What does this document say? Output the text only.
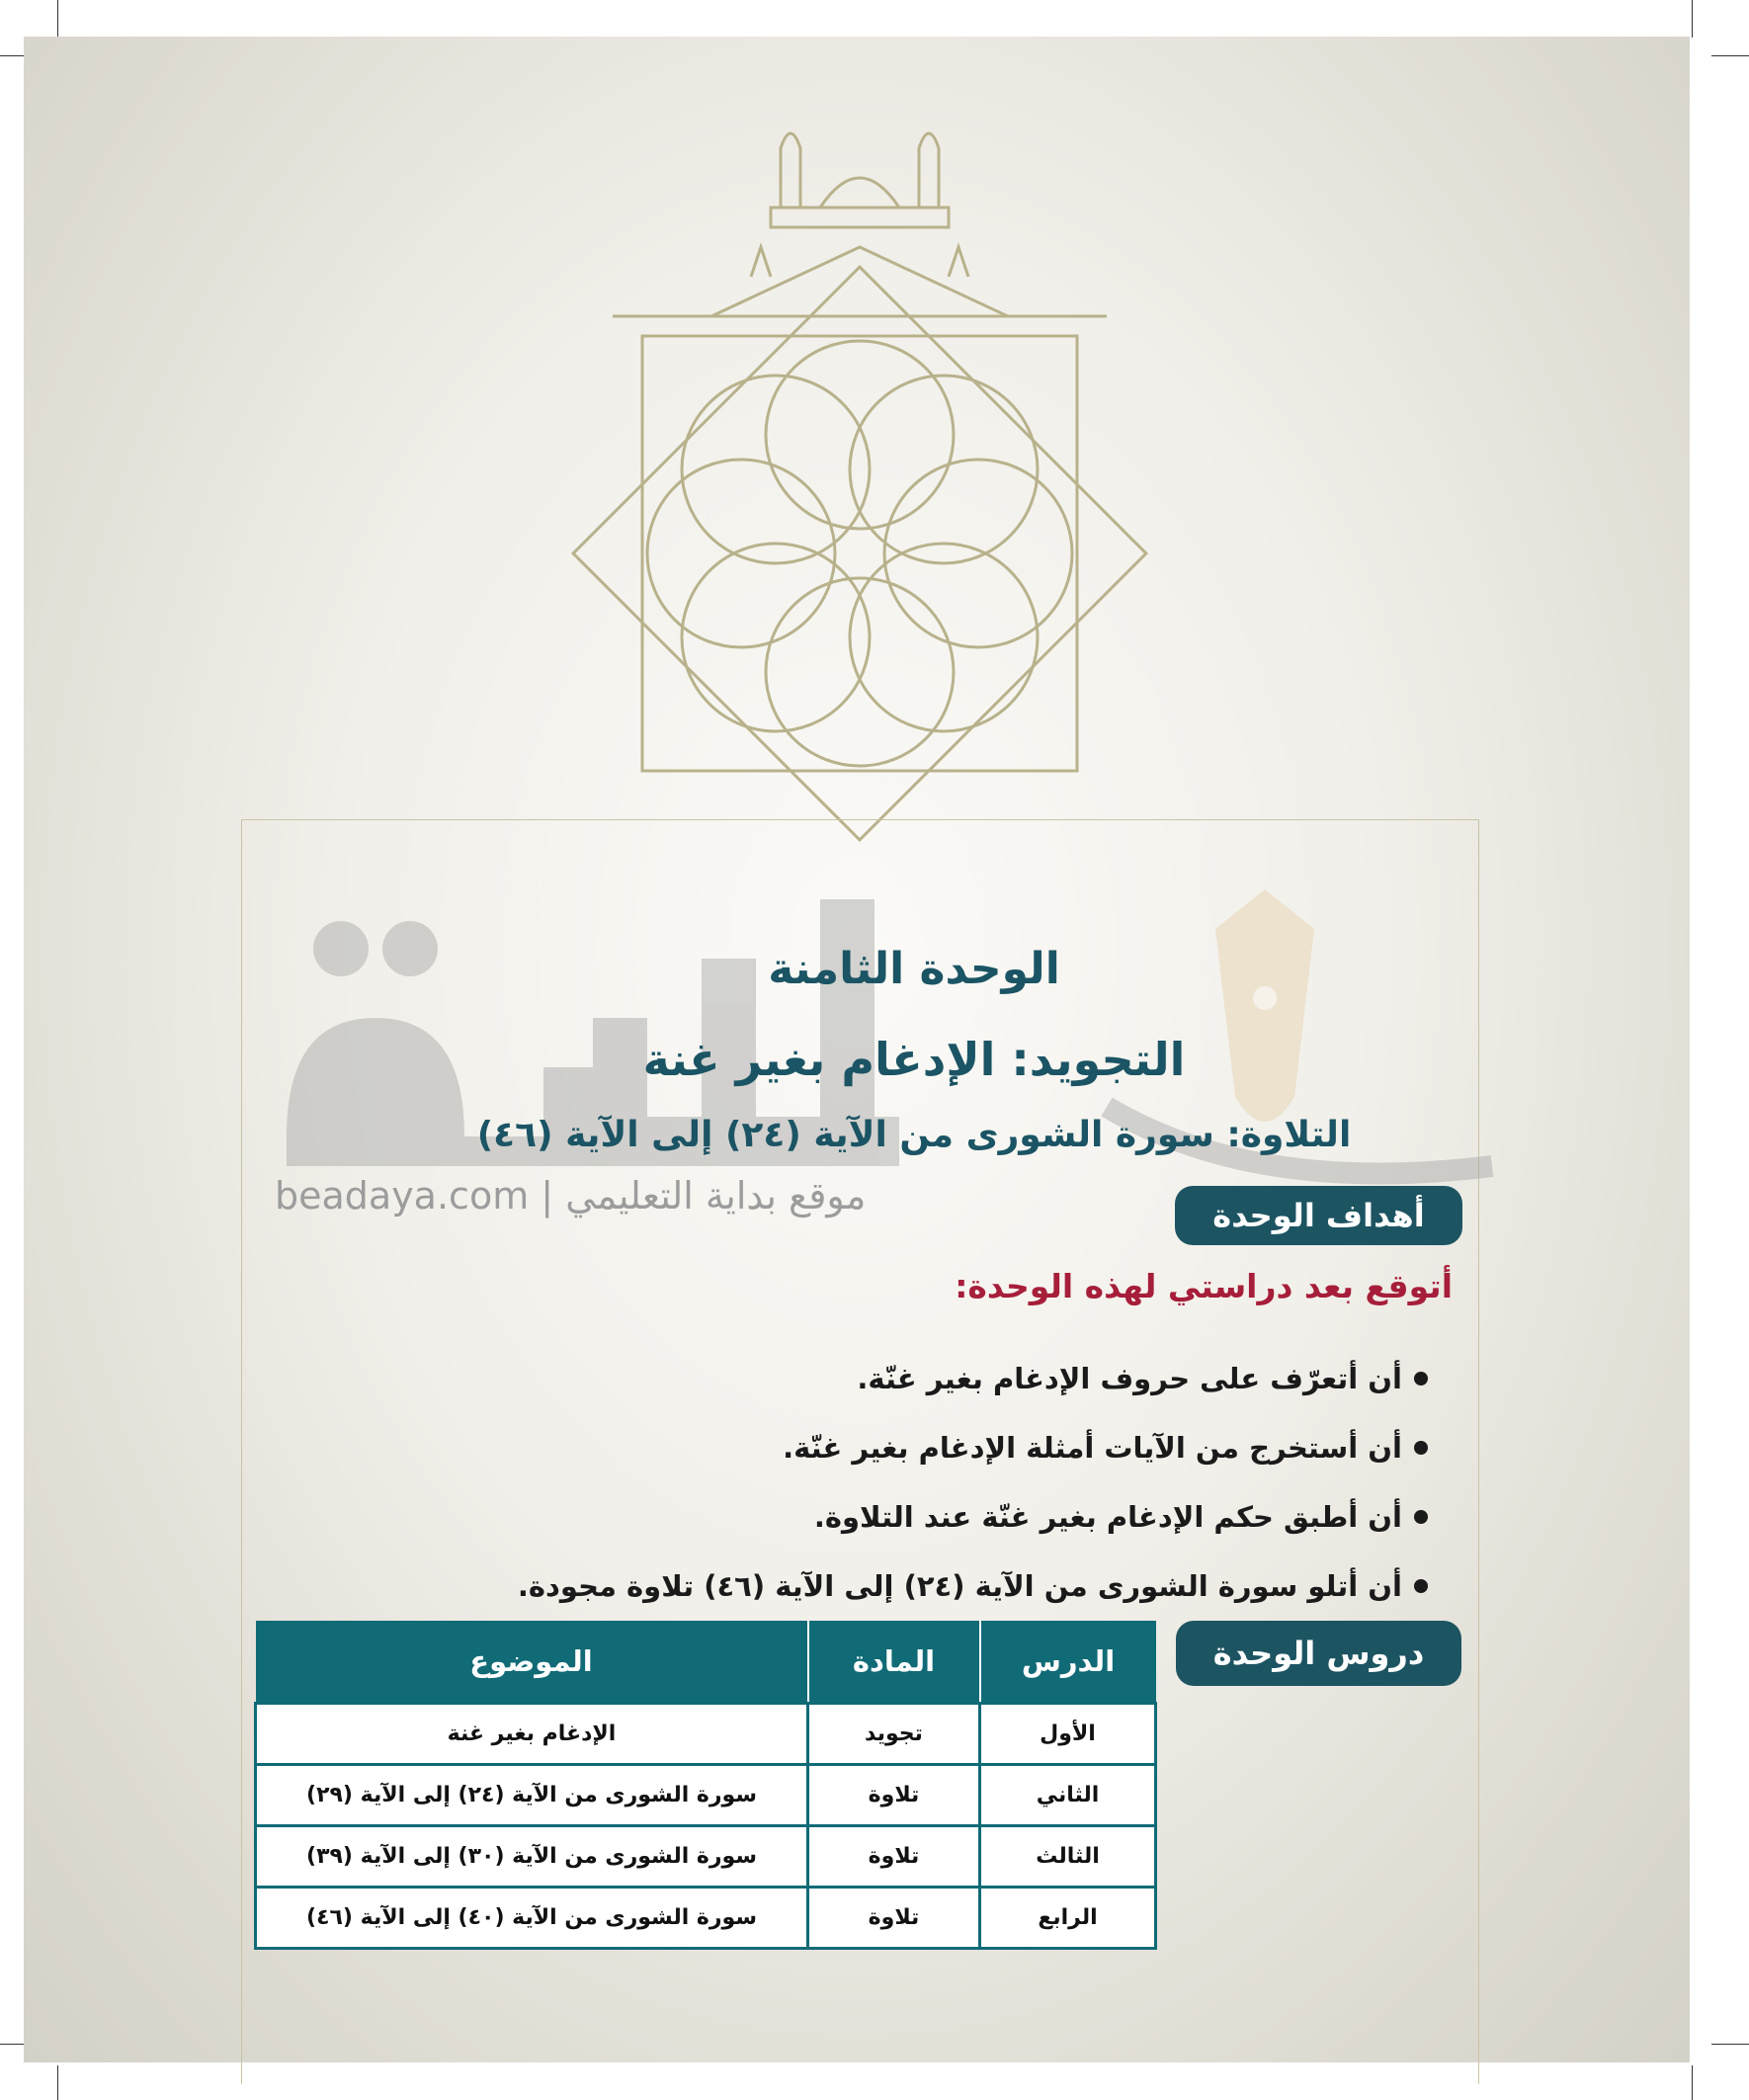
beadaya.com | موقع بداية التعليمي
الوحدة الثامنة
التجويد: الإدغام بغير غنة
التلاوة: سورة الشورى من الآية (٢٤) إلى الآية (٤٦)
أهداف الوحدة
أتوقع بعد دراستي لهذه الوحدة:
أن أتعرّف على حروف الإدغام بغير غنّة.
أن أستخرج من الآيات أمثلة الإدغام بغير غنّة.
أن أطبق حكم الإدغام بغير غنّة عند التلاوة.
أن أتلو سورة الشورى من الآية (٢٤) إلى الآية (٤٦) تلاوة مجودة.
دروس الوحدة
الدرس	المادة	الموضوع
الأول	تجويد	الإدغام بغير غنة
الثاني	تلاوة	سورة الشورى من الآية (٢٤) إلى الآية (٢٩)
الثالث	تلاوة	سورة الشورى من الآية (٣٠) إلى الآية (٣٩)
الرابع	تلاوة	سورة الشورى من الآية (٤٠) إلى الآية (٤٦)
